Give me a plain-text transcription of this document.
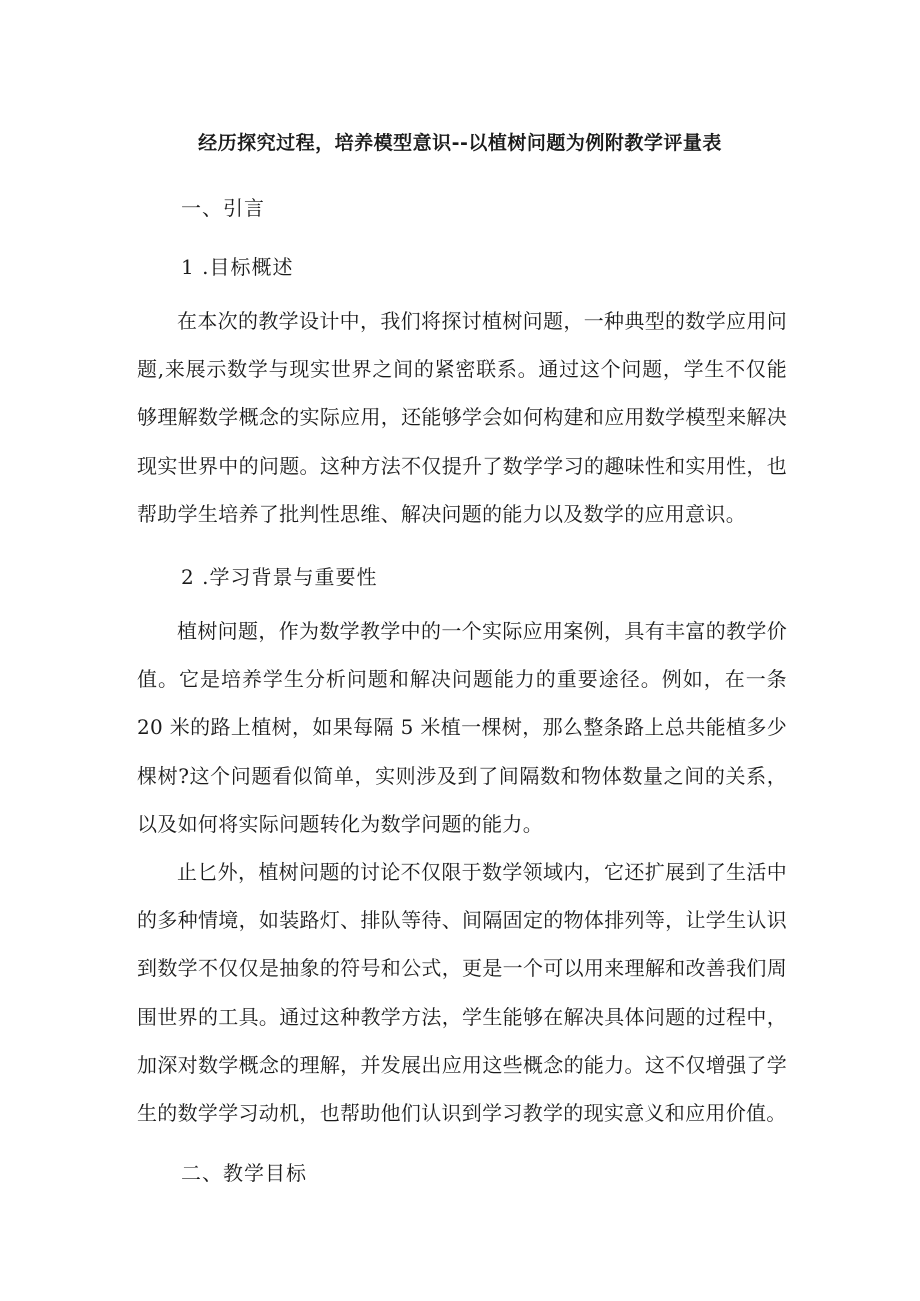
经历探究过程，培养模型意识--以植树问题为例附教学评量表
一、引言
1 .目标概述

在本次的教学设计中，我们将探讨植树问题，一种典型的数学应用问题,来展示数学与现实世界之间的紧密联系。通过这个问题，学生不仅能够理解数学概念的实际应用，还能够学会如何构建和应用数学模型来解决现实世界中的问题。这种方法不仅提升了数学学习的趣味性和实用性，也帮助学生培养了批判性思维、解决问题的能力以及数学的应用意识。

2 .学习背景与重要性

植树问题，作为数学教学中的一个实际应用案例，具有丰富的教学价值。它是培养学生分析问题和解决问题能力的重要途径。例如，在一条 20 米的路上植树，如果每隔 5 米植一棵树，那么整条路上总共能植多少棵树?这个问题看似简单，实则涉及到了间隔数和物体数量之间的关系，以及如何将实际问题转化为数学问题的能力。

止匕外，植树问题的讨论不仅限于数学领域内，它还扩展到了生活中的多种情境，如装路灯、排队等待、间隔固定的物体排列等，让学生认识到数学不仅仅是抽象的符号和公式，更是一个可以用来理解和改善我们周围世界的工具。通过这种教学方法，学生能够在解决具体问题的过程中，加深对数学概念的理解，并发展出应用这些概念的能力。这不仅增强了学生的数学学习动机，也帮助他们认识到学习教学的现实意义和应用价值。

二、教学目标
